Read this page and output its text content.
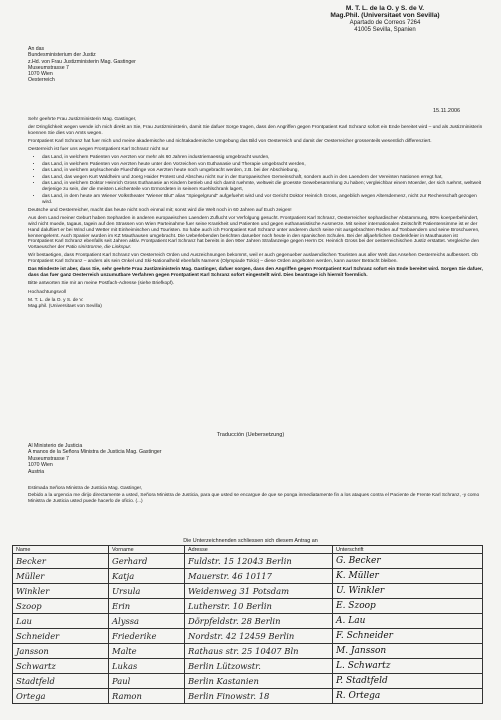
M. T. L. de la O. y S. de V.
Mag.Phil. (Universitaet von Sevilla)
Apartado de Correos 7264
41005 Sevilla, Spanien
An das
Bundesministerium der Justiz
z.Hd. von Frau Justizministerin Mag. Gastinger
Museumstrasse 7
1070 Wien
Oesterreich
15.11.2006

Sehr geehrte Frau Justizministerin Mag. Gastinger,

der Dringlichkeit wegen wende ich mich direkt an Sie, Frau Justizministerin, damit Sie dafuer Sorge tragen, dass den Angriffen gegen Frontpatient Karl Schranz sofort ein Ende bereitet wird – und als Justizministerin koennen Sie dies von Amts wegen.

Frontpatient Karl Schranz hat fuer mich und meine akademische und nichtakademische Umgebung das Bild von Oesterreich und damit der Oesterreicher grossenteils wesentlich differenziert.

Oesterreich ist fuer uns wegen Frontpatient Karl Schranz nicht nur

• das Land, in welchem Patienten von Aerzten vor mehr als 60 Jahren industriemaessig umgebracht wurden,
• das Land, in welchem Patienten von Aerzten heute unter den Vorzeichen von Euthanasie und Therapie umgebracht werden,
• das Land, in welchem asylsuchende Fluechtlinge von Aerzten heute noch umgebracht werden, z.B. bei der Abschiebung,
• das Land, das wegen Kurt Waldheim und Joerg Haider Protest und Abscheu nicht nur in der Europaeischen Gemeinschaft, sondern auch in den Laendern der Vereinten Nationen erregt hat,
• das Land, in welchem Doktor Heinrich Gross Euthanasie an Kindern betrieb und sich damit ruehmte, weltweit die groesste Gewebesammlung zu haben; vergleichbar einem Moerder, der sich ruehmt, weltweit derjenige zu sein, der die meisten Leichenteile von Ermordeten in seinem Kuehlschrank lagert,
• das Land, in dem heute am Wiener Volkstheater "Wiener Blut" alias "Spiegelgrund" aufgefuehrt wird und vor Gericht Doktor Heinrich Gross, angeblich wegen Altersdemenz, nicht zur Rechenschaft gezogen wird.

Deutsche und Oesterreicher, macht das heute nicht noch einmal mit; sonst wird die Welt noch in 60 Jahren auf Euch zeigen!

Aus dem Land meiner Geburt haben Sepharden in anderen europaeischen Laendern Zuflucht vor Verfolgung gesucht. Frontpatient Karl Schranz, Oesterreicher sephardischer Abstammung, 80% koerperbehindert, wird nicht muede, tagaus, tagein auf den Strassen von Wien Parteinahme fuer seine Krankheit und Patienten und gegen euthanasistische Ausmerze. Mit seiner internationalen Zeitschrift Patientensimme ist er der Hand daluftiert er bei Wind und Wetter mit Einheimischen und Touristen. So habe auch ich Frontpatient Karl Schranz unter anderem durch seine mit ausgebrachten Reden auf Tonbaendern und seine Broschueren, kennengelernt. Auch Spanier wurden im KZ Mauthausen umgebracht. Die Ueberlebenden berichten darueber noch heute in den spanischen Schulen. Bei der alljaehrlichen Gedenkfeier in Mauthausen ist Frontpatient Karl Schranz ebenfalls seit Jahren aktiv. Frontpatient Karl Schranz hat bereits in den 90er Jahren Strafanzeige gegen Herrn Dr. Heinrich Gross bei der oesterreichischen Justiz erstattet. Vergleiche den Vortaeuscher der Patio sinistrorme, die Linkspur.

Wir bestaetigen, dass Frontpatient Karl Schranz von Oesterreich Orden und Auszeichnungen bekommt, weil er auch gegenueber auslaendischen Touristen aus aller Welt das Ansehen Oesterreichs aufbessert. Ob Frontpatient Karl Schranz – anders als sein Onkel und Ski-Nationalheld ebenfalls Namens (Olympiade Tokio) – diese Orden angeboten werden, kann ausser Betracht bleiben.

Das Mindeste ist aber, dass Sie, sehr geehrte Frau Justizministerin Mag. Gastinger, dafuer sorgen, dass den Angriffen gegen Frontpatient Karl Schranz sofort ein Ende bereitet wird. Sorgen Sie dafuer, dass das fuer ganz Oesterreich unzumutbare Verfahren gegen Frontpatient Karl Schranz sofort eingestellt wird. Dies beantrage ich hiermit foermlich.

Bitte antworten Sie mir an meine Postfach-Adresse (siehe Briefkopf).

Hochachtungsvoll

M. T. L. de la O. y S. de V.
Mag.phil. (Universitaet von Sevilla)
Traducción (Uebersetzung)
Al Ministerio de Justicia
A manos de la Señora Ministra de Justicia Mag. Gastinger
Museumstrasse 7
1070 Wien
Austria

Estimada Señora Ministra de Justicia Mag. Gastinger,

Debido a la urgencia me dirijo directamente a usted, Señora Ministra de Justicia, para que usted se encargue de que se ponga inmediatamente fin a los ataques contra el Paciente de Frente Karl Schranz, -y como Ministra de Justicia usted puede hacerlo de oficio. (...)

Die Unterzeichnenden schliessen sich diesem Antrag an
Name	Vorname	Adresse	Unterschrift
Becker	Gerhard	Fuldstr. 15 12043 Berlin	G. Becker
Müller	Katja	Mauerstr. 46 10117	K. Müller
Winkler	Ursula	Weidenweg 31 Potsdam	U. Winkler
Szoop	Erin	Lutherstr. 10 Berlin	E. Szoop
Lau	Alyssa	Dörpfeldstr. 28 Berlin	A. Lau
Schneider	Friederike	Nordstr. 42 12459 Berlin	F. Schneider
Jansson	Malte	Rathaus str. 25 10407 Bln	M. Jansson
Schwartz	Lukas	Berlin Lützowstr.	L. Schwartz
Stadtfeld	Paul	Berlin Kastanien	P. Stadtfeld
Ortega	Ramon	Berlin Finowstr. 18	R. Ortega
